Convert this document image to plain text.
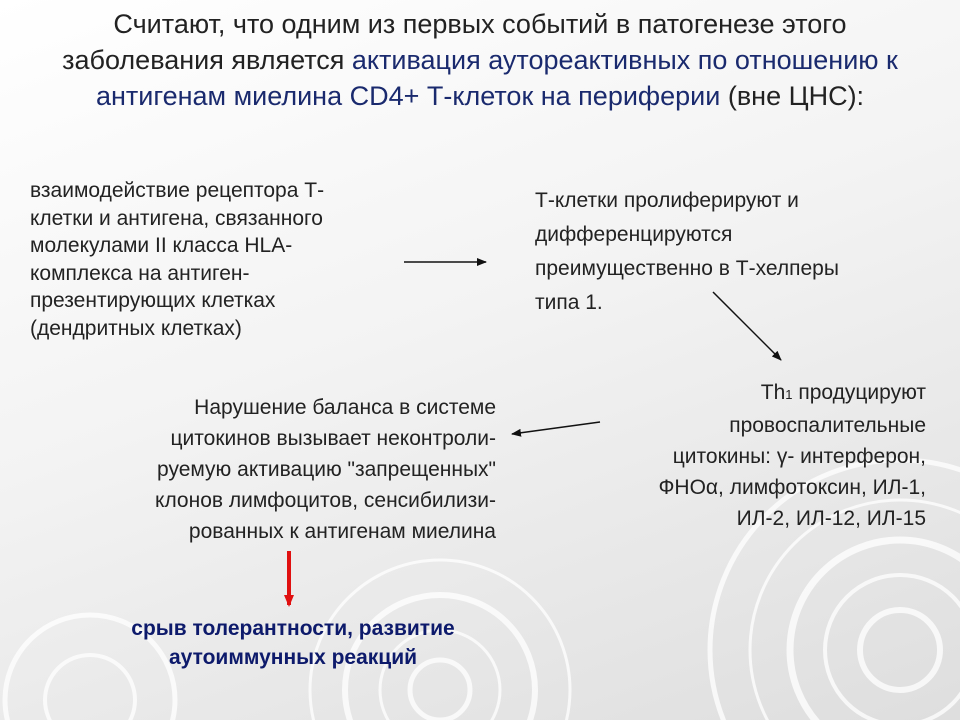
Считают, что одним из первых событий в патогенезе этого заболевания является активация аутореактивных по отношению к антигенам миелина CD4+ Т-клеток на периферии (вне ЦНС):
взаимодействие рецептора Т-
клетки и антигена, связанного
молекулами II класса HLA-
комплекса на антиген-
презентирующих клетках
(дендритных клетках)
Т-клетки пролиферируют и
дифференцируются
преимущественно в Т-хелперы
типа 1.
Th1 продуцируют
провоспалительные
цитокины: γ- интерферон,
ФНОα, лимфотоксин, ИЛ-1,
ИЛ-2, ИЛ-12, ИЛ-15
Нарушение баланса в системе
цитокинов вызывает неконтроли-
руемую активацию "запрещенных"
клонов лимфоцитов, сенсибилизи-
рованных к антигенам миелина
срыв толерантности, развитие
аутоиммунных реакций
